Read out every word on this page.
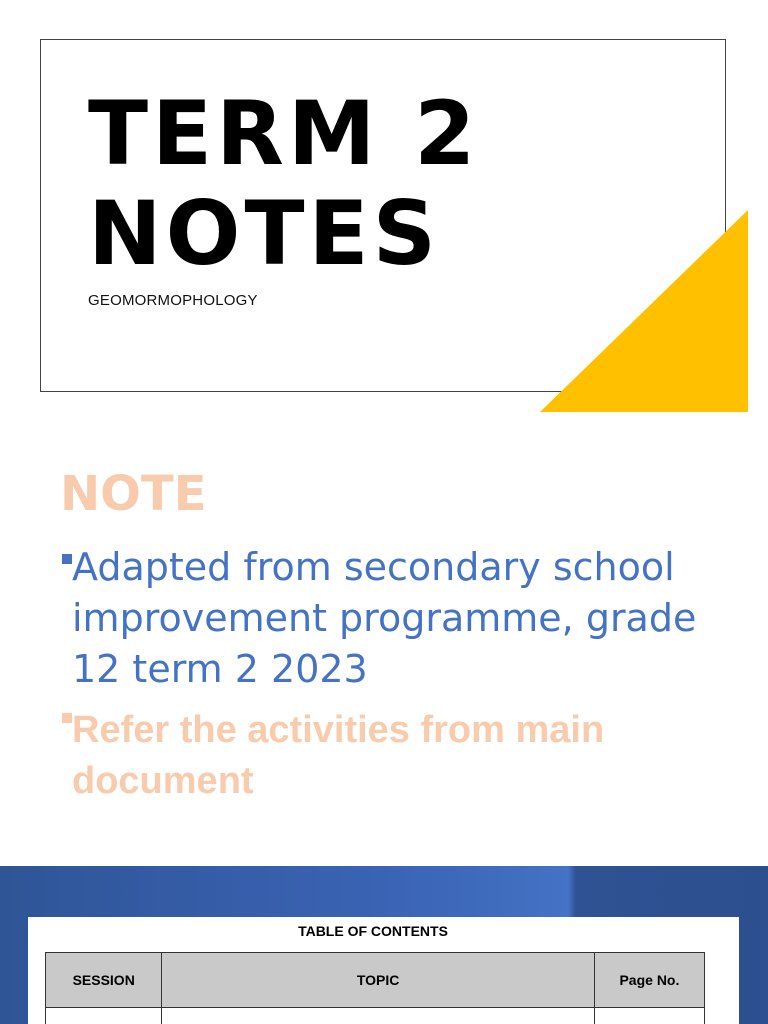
TERM 2
NOTES
GEOMORMOPHOLOGY
NOTE
Adapted from secondary school improvement programme, grade 12 term 2 2023
Refer the activities from main document
TABLE OF CONTENTS
SESSION	TOPIC	Page No.
